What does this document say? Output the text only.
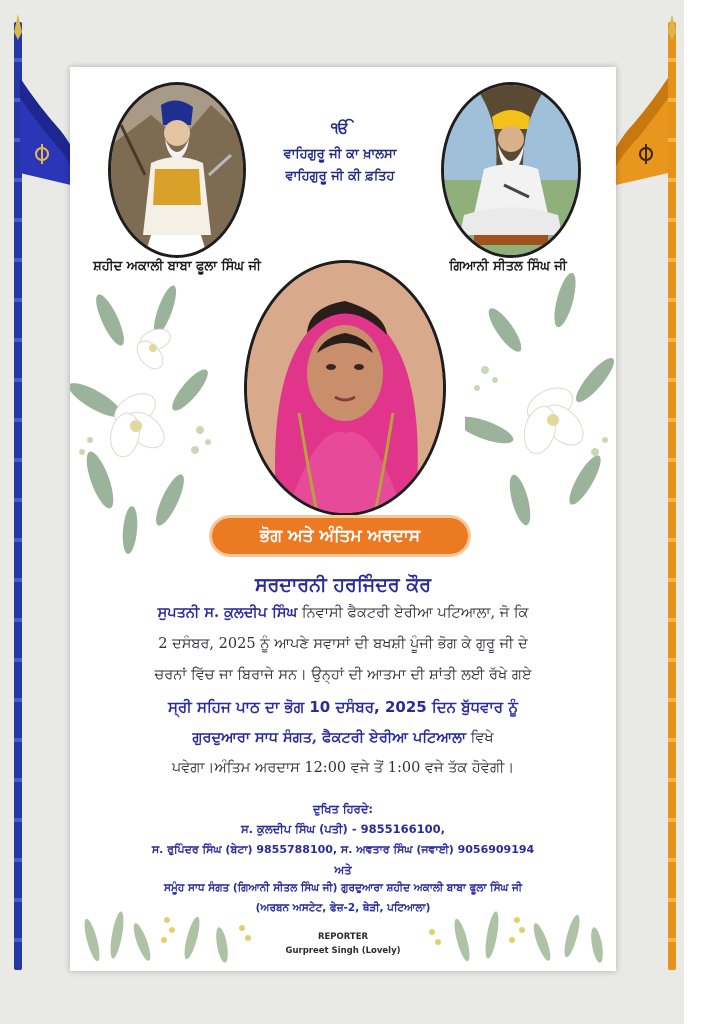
ਸ਼ਹੀਦ ਅਕਾਲੀ ਬਾਬਾ ਫੂਲਾ ਸਿੰਘ ਜੀ	ਗਿਆਨੀ ਸੀਤਲ ਸਿੰਘ ਜੀ
ੴ
ਵਾਹਿਗੁਰੂ ਜੀ ਕਾ ਖ਼ਾਲਸਾ
ਵਾਹਿਗੁਰੂ ਜੀ ਕੀ ਫ਼ਤਿਹ
ਭੋਗ ਅਤੇ ਅੰਤਿਮ ਅਰਦਾਸ
ਸਰਦਾਰਨੀ ਹਰਜਿੰਦਰ ਕੌਰ
ਸੁਪਤਨੀ ਸ. ਕੁਲਦੀਪ ਸਿੰਘ ਨਿਵਾਸੀ ਫੈਕਟਰੀ ਏਰੀਆ ਪਟਿਆਲਾ, ਜੋ ਕਿ
2 ਦਸੰਬਰ, 2025 ਨੂੰ ਆਪਣੇ ਸਵਾਸਾਂ ਦੀ ਬਖਸ਼ੀ ਪੂੰਜੀ ਭੋਗ ਕੇ ਗੁਰੂ ਜੀ ਦੇ
ਚਰਨਾਂ ਵਿੱਚ ਜਾ ਬਿਰਾਜੇ ਸਨ। ਉਨ੍ਹਾਂ ਦੀ ਆਤਮਾ ਦੀ ਸ਼ਾਂਤੀ ਲਈ ਰੱਖੇ ਗਏ
ਸ੍ਰੀ ਸਹਿਜ ਪਾਠ ਦਾ ਭੋਗ 10 ਦਸੰਬਰ, 2025 ਦਿਨ ਬੁੱਧਵਾਰ ਨੂੰ
ਗੁਰਦੁਆਰਾ ਸਾਧ ਸੰਗਤ, ਫੈਕਟਰੀ ਏਰੀਆ ਪਟਿਆਲਾ ਵਿਖੇ
ਪਵੇਗਾ।ਅੰਤਿਮ ਅਰਦਾਸ 12:00 ਵਜੇ ਤੋਂ 1:00 ਵਜੇ ਤੱਕ ਹੋਵੇਗੀ।
ਦੁਖਿਤ ਹਿਰਦੇ:
ਸ. ਕੁਲਦੀਪ ਸਿੰਘ (ਪਤੀ) - 9855166100,
ਸ. ਰੁਪਿੰਦਰ ਸਿੰਘ (ਬੇਟਾ) 9855788100, ਸ. ਅਵਤਾਰ ਸਿੰਘ (ਜਵਾਈ) 9056909194
ਅਤੇ
ਸਮੂੰਹ ਸਾਧ ਸੰਗਤ (ਗਿਆਨੀ ਸੀਤਲ ਸਿੰਘ ਜੀ) ਗੁਰਦੁਆਰਾ ਸ਼ਹੀਦ ਅਕਾਲੀ ਬਾਬਾ ਫੂਲਾ ਸਿੰਘ ਜੀ
(ਅਰਬਨ ਅਸਟੇਟ, ਫੇਜ਼-2, ਥੇੜੀ, ਪਟਿਆਲਾ)
REPORTER
Gurpreet Singh (Lovely)
